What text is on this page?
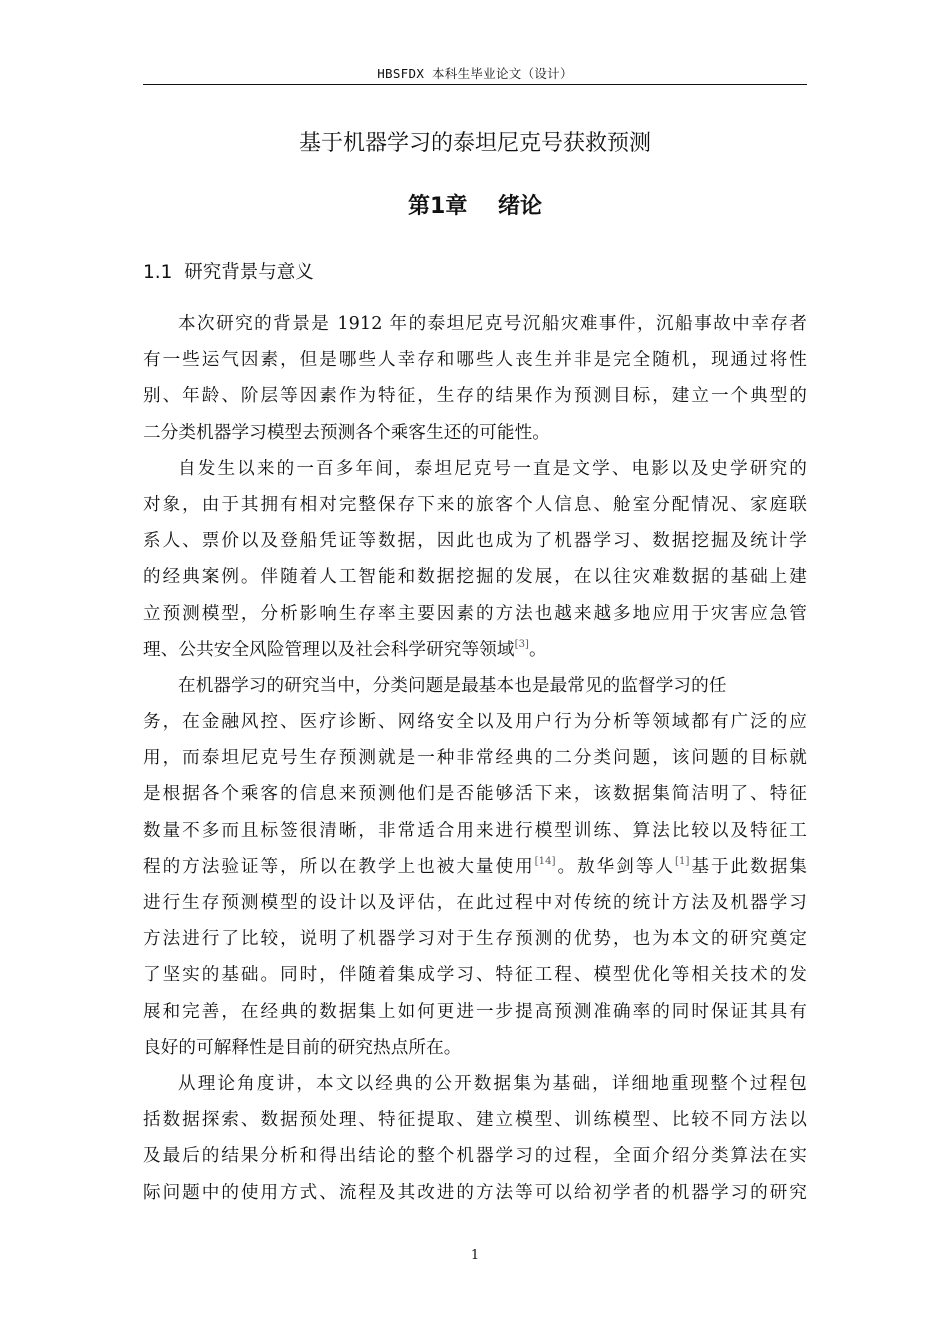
HBSFDX 本科生毕业论文（设计）
基于机器学习的泰坦尼克号获救预测
第1章 绪论
1.1 研究背景与意义
本次研究的背景是 1912 年的泰坦尼克号沉船灾难事件，沉船事故中幸存者
有一些运气因素，但是哪些人幸存和哪些人丧生并非是完全随机，现通过将性
别、年龄、阶层等因素作为特征，生存的结果作为预测目标，建立一个典型的
二分类机器学习模型去预测各个乘客生还的可能性。
自发生以来的一百多年间，泰坦尼克号一直是文学、电影以及史学研究的
对象，由于其拥有相对完整保存下来的旅客个人信息、舱室分配情况、家庭联
系人、票价以及登船凭证等数据，因此也成为了机器学习、数据挖掘及统计学
的经典案例。伴随着人工智能和数据挖掘的发展，在以往灾难数据的基础上建
立预测模型，分析影响生存率主要因素的方法也越来越多地应用于灾害应急管
理、公共安全风险管理以及社会科学研究等领域[3]。
在机器学习的研究当中，分类问题是最基本也是最常见的监督学习的任
务，在金融风控、医疗诊断、网络安全以及用户行为分析等领域都有广泛的应
用，而泰坦尼克号生存预测就是一种非常经典的二分类问题，该问题的目标就
是根据各个乘客的信息来预测他们是否能够活下来，该数据集简洁明了、特征
数量不多而且标签很清晰，非常适合用来进行模型训练、算法比较以及特征工
程的方法验证等，所以在教学上也被大量使用[14]。敖华剑等人[1]基于此数据集
进行生存预测模型的设计以及评估，在此过程中对传统的统计方法及机器学习
方法进行了比较，说明了机器学习对于生存预测的优势，也为本文的研究奠定
了坚实的基础。同时，伴随着集成学习、特征工程、模型优化等相关技术的发
展和完善，在经典的数据集上如何更进一步提高预测准确率的同时保证其具有
良好的可解释性是目前的研究热点所在。
从理论角度讲，本文以经典的公开数据集为基础，详细地重现整个过程包
括数据探索、数据预处理、特征提取、建立模型、训练模型、比较不同方法以
及最后的结果分析和得出结论的整个机器学习的过程，全面介绍分类算法在实
际问题中的使用方式、流程及其改进的方法等可以给初学者的机器学习的研究
1
